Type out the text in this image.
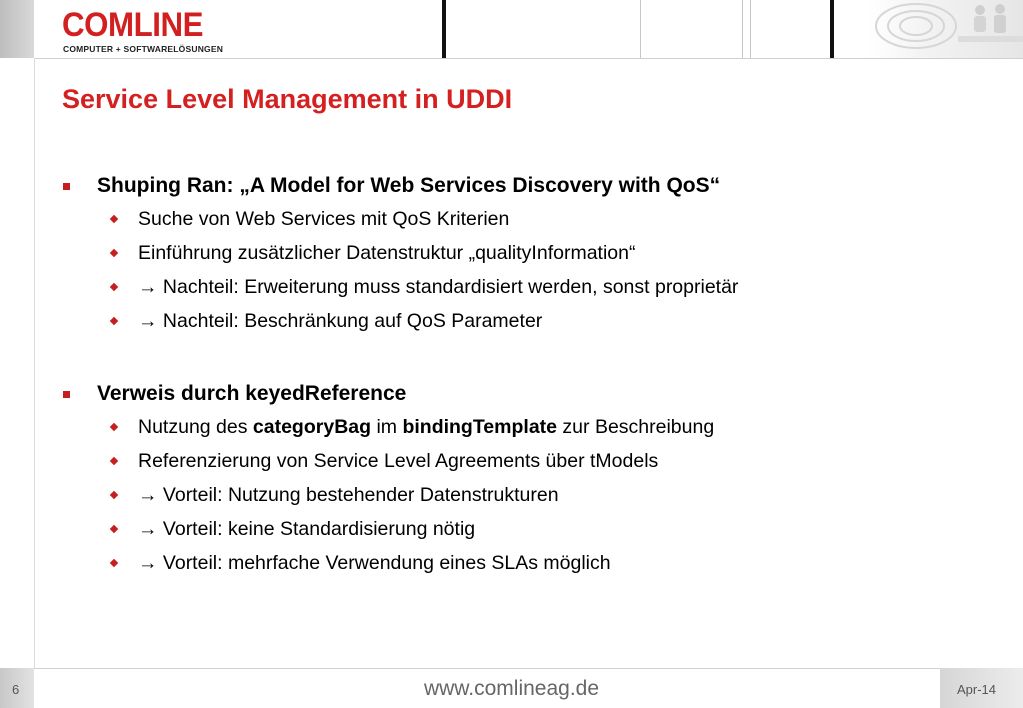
COMLINE
COMPUTER + SOFTWARELÖSUNGEN
Service Level Management in UDDI
Shuping Ran: „A Model for Web Services Discovery with QoS“
Suche von Web Services mit QoS Kriterien
Einführung zusätzlicher Datenstruktur „qualityInformation“
→ Nachteil: Erweiterung muss standardisiert werden, sonst proprietär
→ Nachteil: Beschränkung auf QoS Parameter
Verweis durch keyedReference
Nutzung des categoryBag im bindingTemplate zur Beschreibung
Referenzierung von Service Level Agreements über tModels
→ Vorteil: Nutzung bestehender Datenstrukturen
→ Vorteil: keine Standardisierung nötig
→ Vorteil: mehrfache Verwendung eines SLAs möglich
6	www.comlineag.de	Apr-14
